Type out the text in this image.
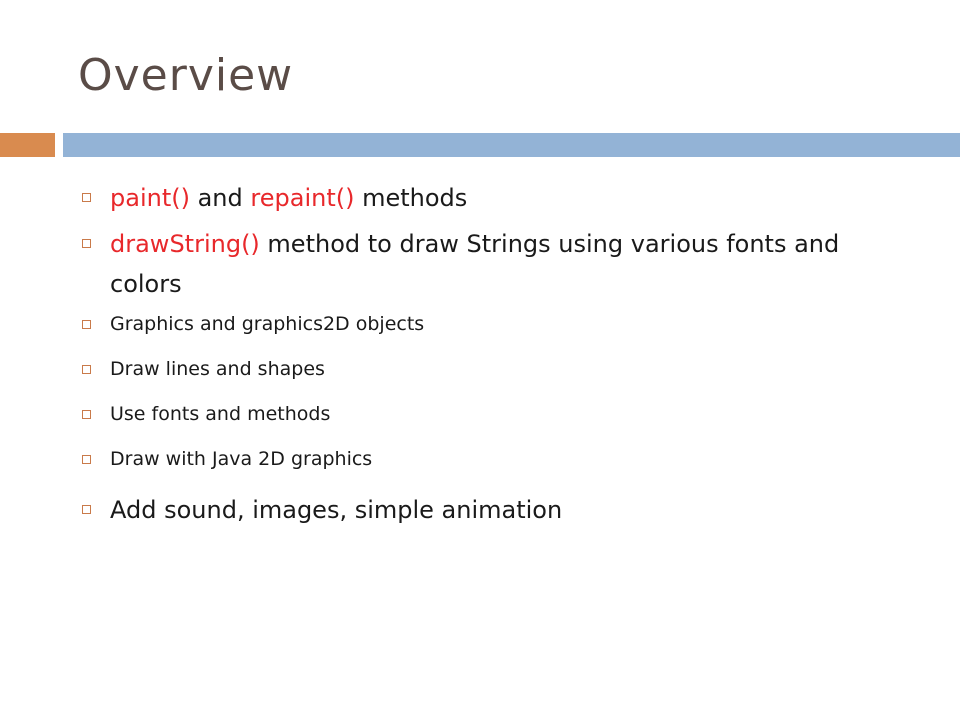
Overview
paint() and repaint() methods
drawString() method to draw Strings using various fonts and colors
Graphics and graphics2D objects
Draw lines and shapes
Use fonts and methods
Draw with Java 2D graphics
Add sound, images, simple animation
